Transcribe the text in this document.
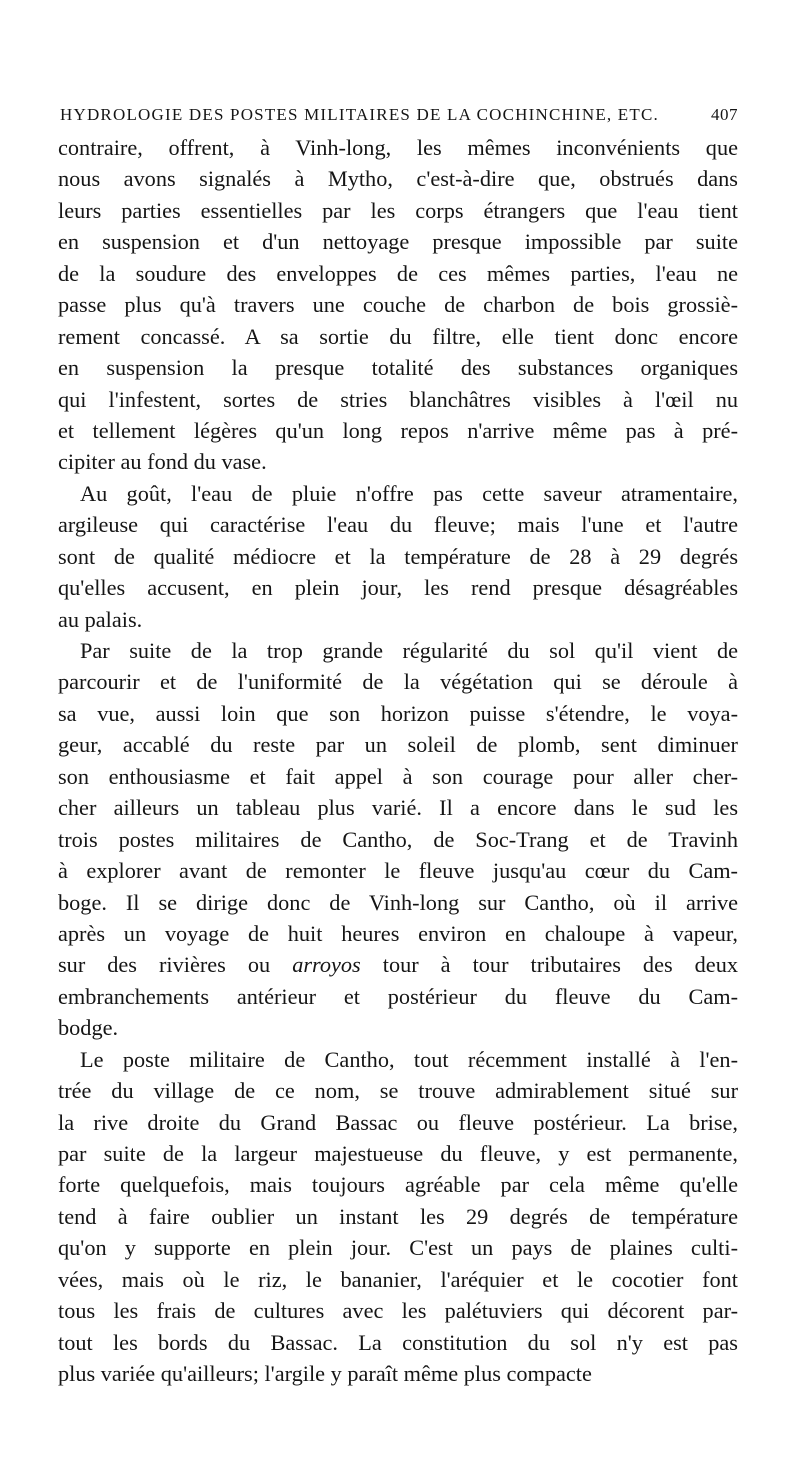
HYDROLOGIE DES POSTES MILITAIRES DE LA COCHINCHINE, ETC.	407
contraire, offrent, à Vinh-long, les mêmes inconvénients que
nous avons signalés à Mytho, c'est-à-dire que, obstrués dans
leurs parties essentielles par les corps étrangers que l'eau tient
en suspension et d'un nettoyage presque impossible par suite
de la soudure des enveloppes de ces mêmes parties, l'eau ne
passe plus qu'à travers une couche de charbon de bois grossiè-
rement concassé. A sa sortie du filtre, elle tient donc encore
en suspension la presque totalité des substances organiques
qui l'infestent, sortes de stries blanchâtres visibles à l'œil nu
et tellement légères qu'un long repos n'arrive même pas à pré-
cipiter au fond du vase.
Au goût, l'eau de pluie n'offre pas cette saveur atramentaire,
argileuse qui caractérise l'eau du fleuve; mais l'une et l'autre
sont de qualité médiocre et la température de 28 à 29 degrés
qu'elles accusent, en plein jour, les rend presque désagréables
au palais.
Par suite de la trop grande régularité du sol qu'il vient de
parcourir et de l'uniformité de la végétation qui se déroule à
sa vue, aussi loin que son horizon puisse s'étendre, le voya-
geur, accablé du reste par un soleil de plomb, sent diminuer
son enthousiasme et fait appel à son courage pour aller cher-
cher ailleurs un tableau plus varié. Il a encore dans le sud les
trois postes militaires de Cantho, de Soc-Trang et de Travinh
à explorer avant de remonter le fleuve jusqu'au cœur du Cam-
boge. Il se dirige donc de Vinh-long sur Cantho, où il arrive
après un voyage de huit heures environ en chaloupe à vapeur,
sur des rivières ou arroyos tour à tour tributaires des deux
embranchements antérieur et postérieur du fleuve du Cam-
bodge.
Le poste militaire de Cantho, tout récemment installé à l'en-
trée du village de ce nom, se trouve admirablement situé sur
la rive droite du Grand Bassac ou fleuve postérieur. La brise,
par suite de la largeur majestueuse du fleuve, y est permanente,
forte quelquefois, mais toujours agréable par cela même qu'elle
tend à faire oublier un instant les 29 degrés de température
qu'on y supporte en plein jour. C'est un pays de plaines culti-
vées, mais où le riz, le bananier, l'aréquier et le cocotier font
tous les frais de cultures avec les palétuviers qui décorent par-
tout les bords du Bassac. La constitution du sol n'y est pas
plus variée qu'ailleurs; l'argile y paraît même plus compacte
